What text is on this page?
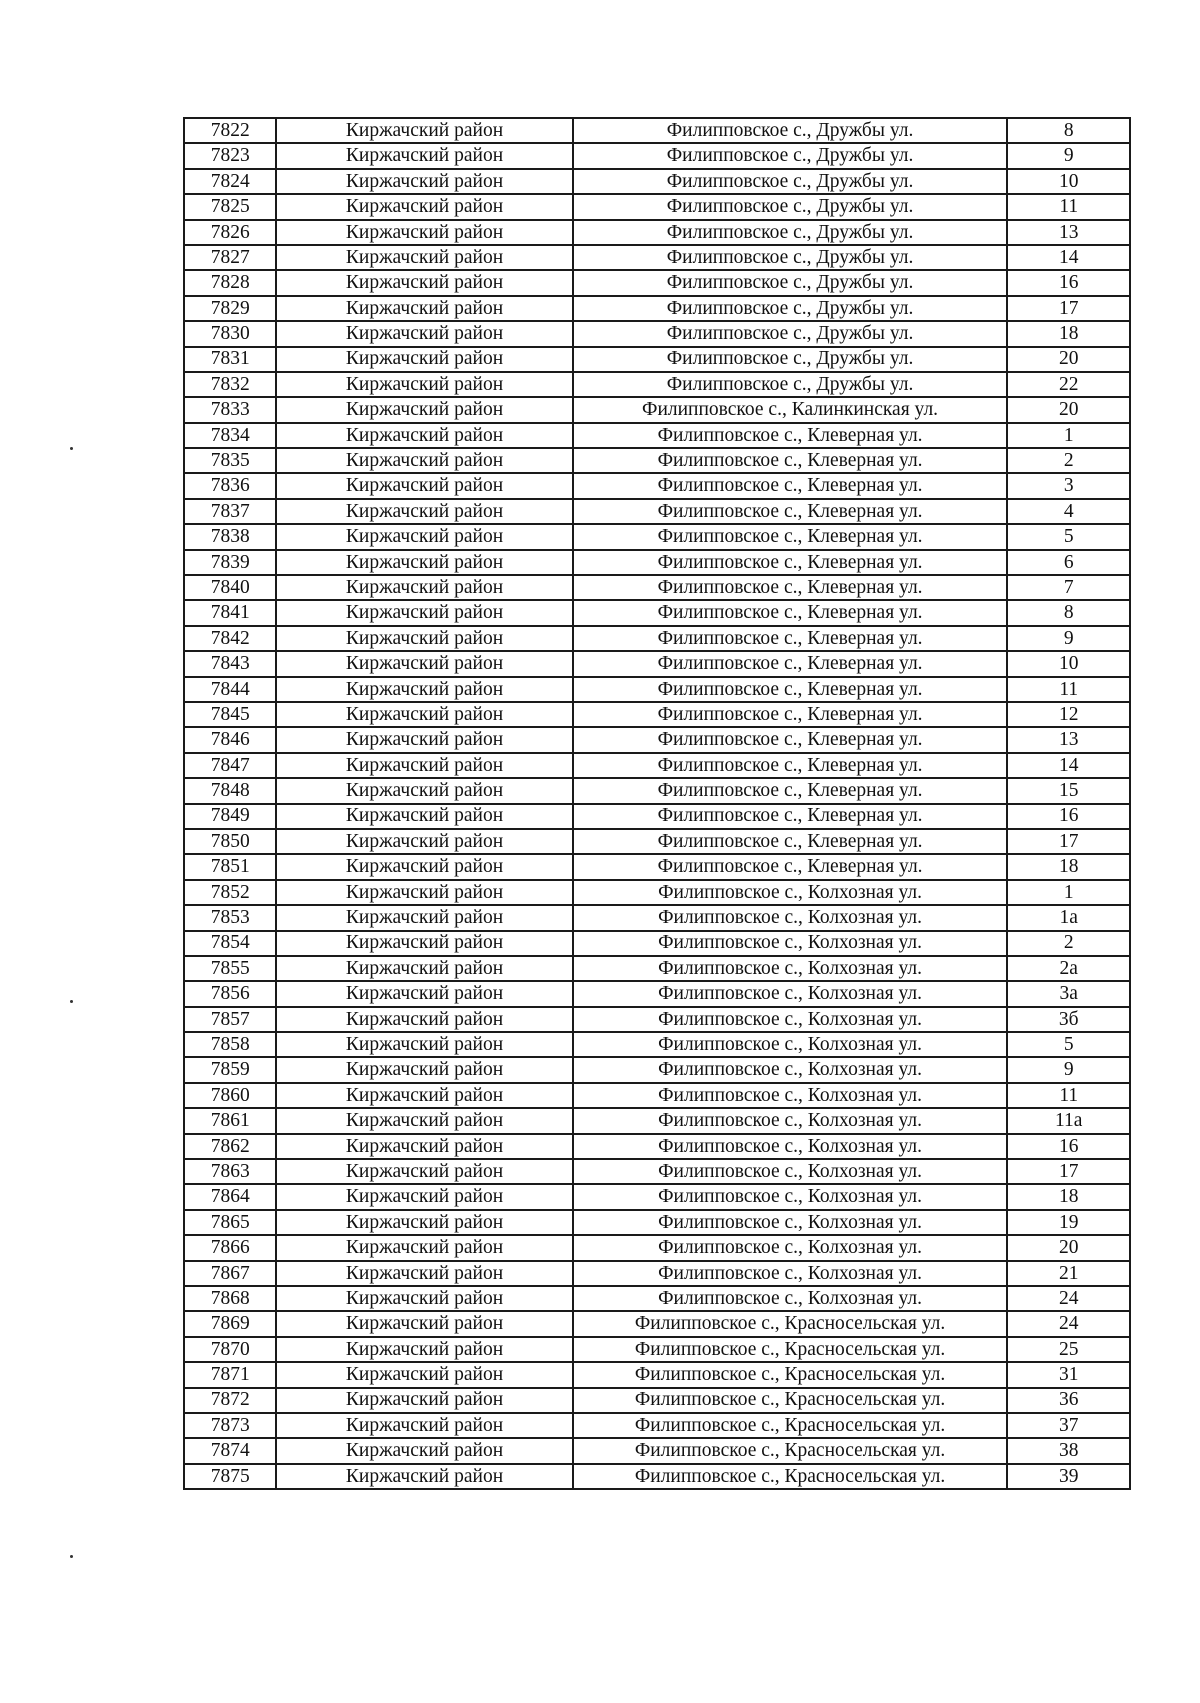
7822	Киржачский район	Филипповское с., Дружбы ул.	8
7823	Киржачский район	Филипповское с., Дружбы ул.	9
7824	Киржачский район	Филипповское с., Дружбы ул.	10
7825	Киржачский район	Филипповское с., Дружбы ул.	11
7826	Киржачский район	Филипповское с., Дружбы ул.	13
7827	Киржачский район	Филипповское с., Дружбы ул.	14
7828	Киржачский район	Филипповское с., Дружбы ул.	16
7829	Киржачский район	Филипповское с., Дружбы ул.	17
7830	Киржачский район	Филипповское с., Дружбы ул.	18
7831	Киржачский район	Филипповское с., Дружбы ул.	20
7832	Киржачский район	Филипповское с., Дружбы ул.	22
7833	Киржачский район	Филипповское с., Калинкинская ул.	20
7834	Киржачский район	Филипповское с., Клеверная ул.	1
7835	Киржачский район	Филипповское с., Клеверная ул.	2
7836	Киржачский район	Филипповское с., Клеверная ул.	3
7837	Киржачский район	Филипповское с., Клеверная ул.	4
7838	Киржачский район	Филипповское с., Клеверная ул.	5
7839	Киржачский район	Филипповское с., Клеверная ул.	6
7840	Киржачский район	Филипповское с., Клеверная ул.	7
7841	Киржачский район	Филипповское с., Клеверная ул.	8
7842	Киржачский район	Филипповское с., Клеверная ул.	9
7843	Киржачский район	Филипповское с., Клеверная ул.	10
7844	Киржачский район	Филипповское с., Клеверная ул.	11
7845	Киржачский район	Филипповское с., Клеверная ул.	12
7846	Киржачский район	Филипповское с., Клеверная ул.	13
7847	Киржачский район	Филипповское с., Клеверная ул.	14
7848	Киржачский район	Филипповское с., Клеверная ул.	15
7849	Киржачский район	Филипповское с., Клеверная ул.	16
7850	Киржачский район	Филипповское с., Клеверная ул.	17
7851	Киржачский район	Филипповское с., Клеверная ул.	18
7852	Киржачский район	Филипповское с., Колхозная ул.	1
7853	Киржачский район	Филипповское с., Колхозная ул.	1а
7854	Киржачский район	Филипповское с., Колхозная ул.	2
7855	Киржачский район	Филипповское с., Колхозная ул.	2а
7856	Киржачский район	Филипповское с., Колхозная ул.	3а
7857	Киржачский район	Филипповское с., Колхозная ул.	3б
7858	Киржачский район	Филипповское с., Колхозная ул.	5
7859	Киржачский район	Филипповское с., Колхозная ул.	9
7860	Киржачский район	Филипповское с., Колхозная ул.	11
7861	Киржачский район	Филипповское с., Колхозная ул.	11а
7862	Киржачский район	Филипповское с., Колхозная ул.	16
7863	Киржачский район	Филипповское с., Колхозная ул.	17
7864	Киржачский район	Филипповское с., Колхозная ул.	18
7865	Киржачский район	Филипповское с., Колхозная ул.	19
7866	Киржачский район	Филипповское с., Колхозная ул.	20
7867	Киржачский район	Филипповское с., Колхозная ул.	21
7868	Киржачский район	Филипповское с., Колхозная ул.	24
7869	Киржачский район	Филипповское с., Красносельская ул.	24
7870	Киржачский район	Филипповское с., Красносельская ул.	25
7871	Киржачский район	Филипповское с., Красносельская ул.	31
7872	Киржачский район	Филипповское с., Красносельская ул.	36
7873	Киржачский район	Филипповское с., Красносельская ул.	37
7874	Киржачский район	Филипповское с., Красносельская ул.	38
7875	Киржачский район	Филипповское с., Красносельская ул.	39
